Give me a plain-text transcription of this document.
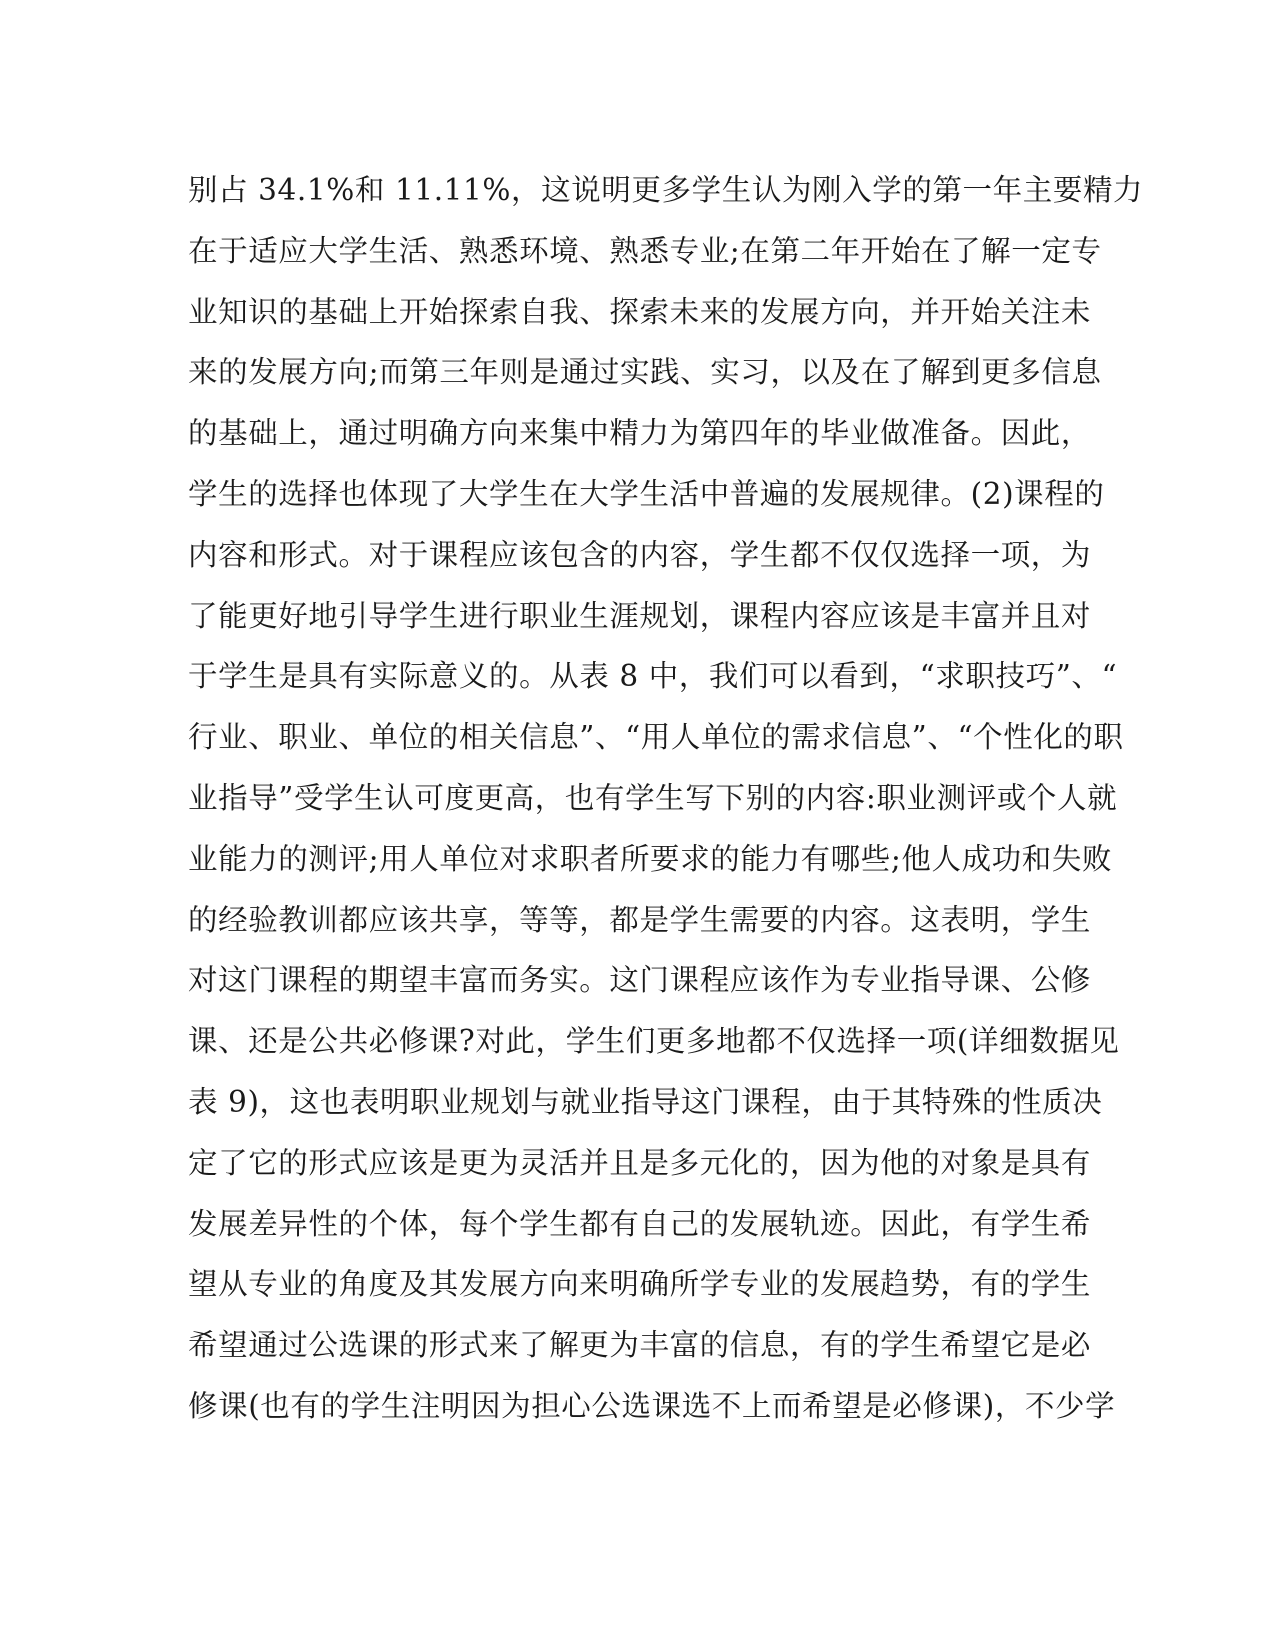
别占 34.1%和 11.11%，这说明更多学生认为刚入学的第一年主要精力
在于适应大学生活、熟悉环境、熟悉专业;在第二年开始在了解一定专
业知识的基础上开始探索自我、探索未来的发展方向，并开始关注未
来的发展方向;而第三年则是通过实践、实习，以及在了解到更多信息
的基础上，通过明确方向来集中精力为第四年的毕业做准备。因此，
学生的选择也体现了大学生在大学生活中普遍的发展规律。(2)课程的
内容和形式。对于课程应该包含的内容，学生都不仅仅选择一项，为
了能更好地引导学生进行职业生涯规划，课程内容应该是丰富并且对
于学生是具有实际意义的。从表 8 中，我们可以看到，“求职技巧”、“
行业、职业、单位的相关信息”、“用人单位的需求信息”、“个性化的职
业指导”受学生认可度更高，也有学生写下别的内容:职业测评或个人就
业能力的测评;用人单位对求职者所要求的能力有哪些;他人成功和失败
的经验教训都应该共享，等等，都是学生需要的内容。这表明，学生
对这门课程的期望丰富而务实。这门课程应该作为专业指导课、公修
课、还是公共必修课?对此，学生们更多地都不仅选择一项(详细数据见
表 9)，这也表明职业规划与就业指导这门课程，由于其特殊的性质决
定了它的形式应该是更为灵活并且是多元化的，因为他的对象是具有
发展差异性的个体，每个学生都有自己的发展轨迹。因此，有学生希
望从专业的角度及其发展方向来明确所学专业的发展趋势，有的学生
希望通过公选课的形式来了解更为丰富的信息，有的学生希望它是必
修课(也有的学生注明因为担心公选课选不上而希望是必修课)，不少学
